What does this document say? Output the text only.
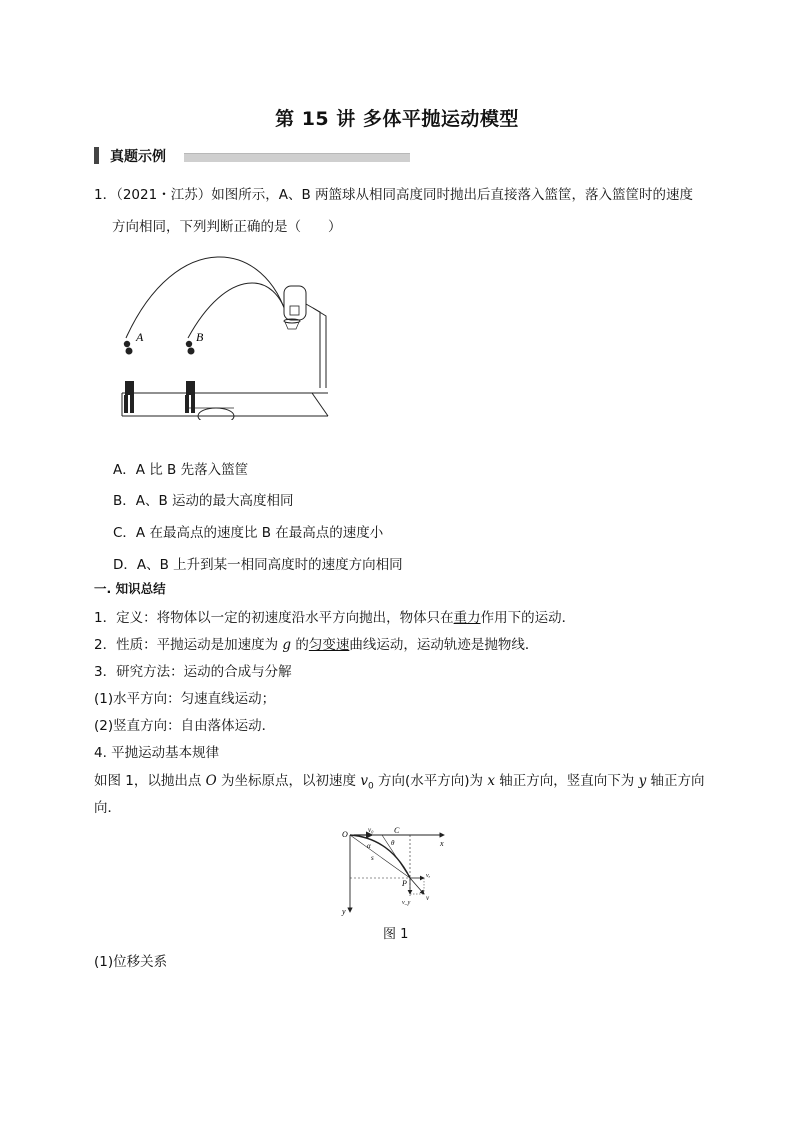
第 15 讲 多体平抛运动模型
真题示例
1．（2021・江苏）如图所示，A、B 两篮球从相同高度同时抛出后直接落入篮筐，落入篮筐时的速度
方向相同，下列判断正确的是（　　）
A	B
A．A 比 B 先落入篮筐
B．A、B 运动的最大高度相同
C．A 在最高点的速度比 B 在最高点的速度小
D．A、B 上升到某一相同高度时的速度方向相同
一. 知识总结
1．定义：将物体以一定的初速度沿水平方向抛出，物体只在重力作用下的运动．
2．性质：平抛运动是加速度为 g 的匀变速曲线运动，运动轨迹是抛物线．
3．研究方法：运动的合成与分解
(1)水平方向：匀速直线运动；
(2)竖直方向：自由落体运动．
4. 平抛运动基本规律
如图 1，以抛出点 O 为坐标原点，以初速度 $v_0$ 方向(水平方向)为 x 轴正方向，竖直向下为 y 轴正方向
向．
O	v₀	C
x
α	θ
s
P
vₓ
v_y
v
y
图 1
(1)位移关系
